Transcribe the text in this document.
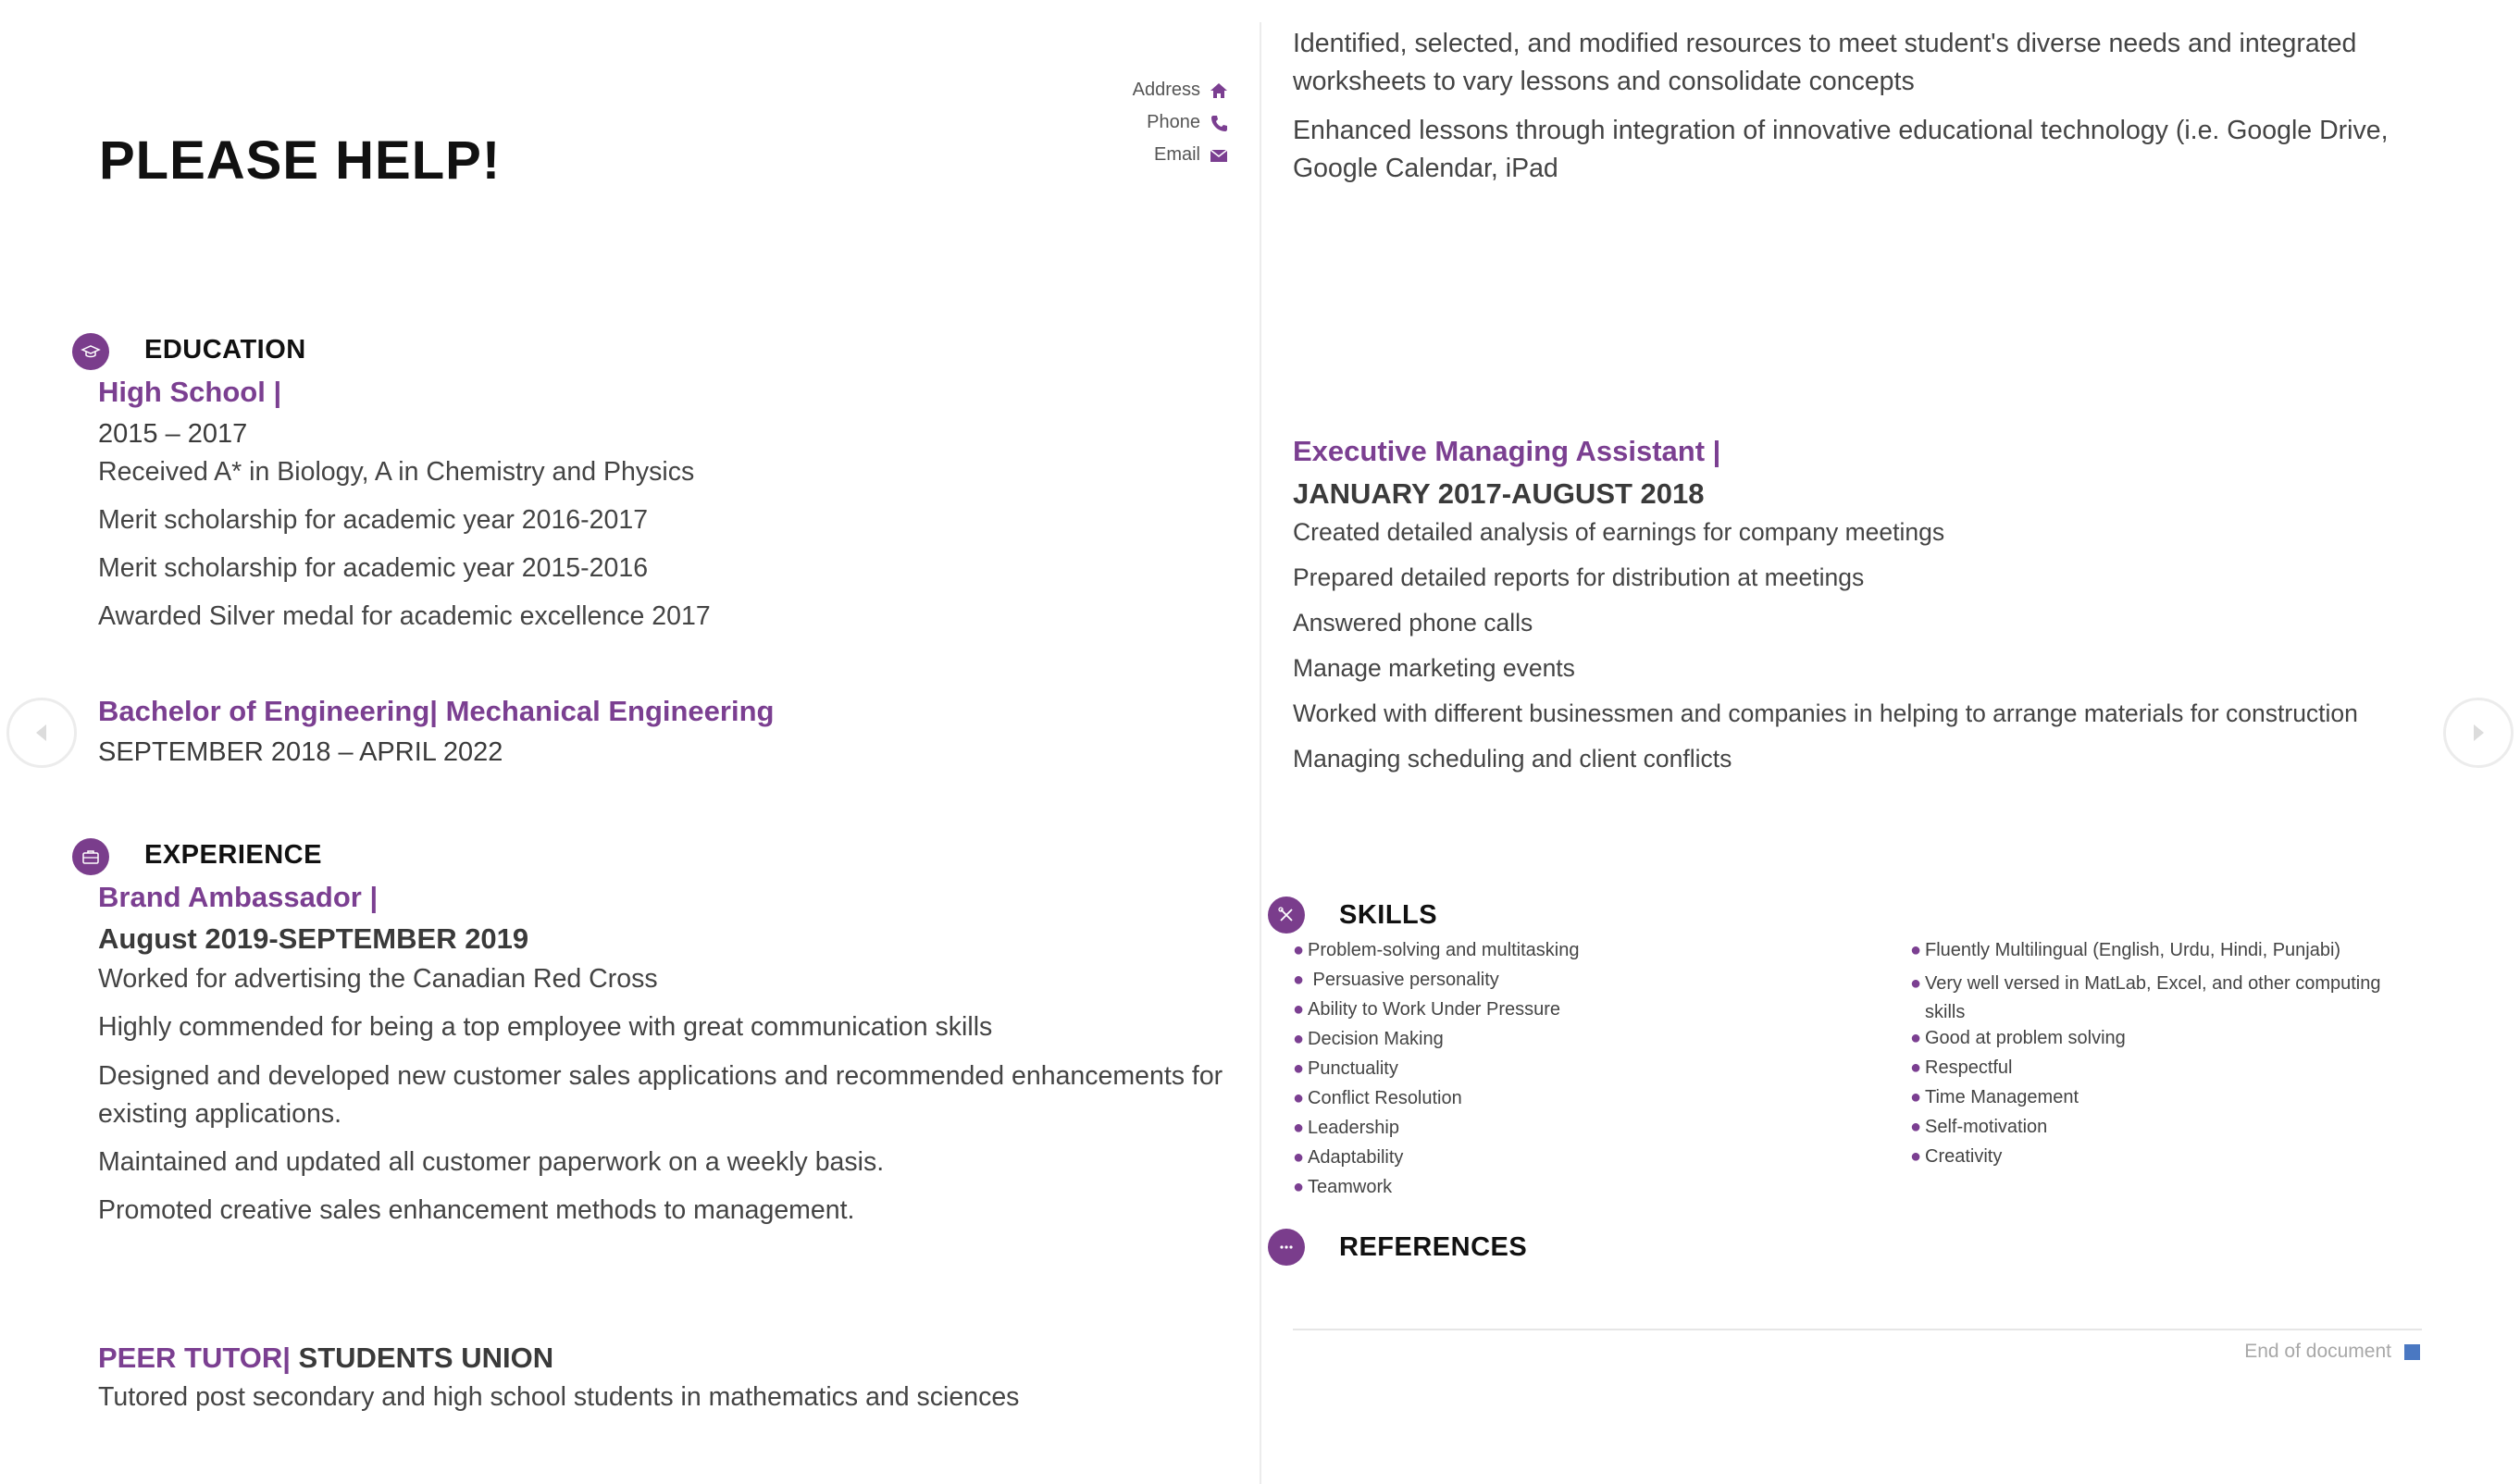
PLEASE HELP!
Address
Phone
Email
EDUCATION
High School |
2015 – 2017
Received A* in Biology, A in Chemistry and Physics
Merit scholarship for academic year 2016-2017
Merit scholarship for academic year 2015-2016
Awarded Silver medal for academic excellence 2017
Bachelor of Engineering| Mechanical Engineering
SEPTEMBER 2018 – APRIL 2022
EXPERIENCE
Brand Ambassador |
August 2019-SEPTEMBER 2019
Worked for advertising the Canadian Red Cross
Highly commended for being a top employee with great communication skills
Designed and developed new customer sales applications and recommended enhancements for existing applications.
Maintained and updated all customer paperwork on a weekly basis.
Promoted creative sales enhancement methods to management.
PEER TUTOR| STUDENTS UNION
Tutored post secondary and high school students in mathematics and sciences
Identified, selected, and modified resources to meet student's diverse needs and integrated worksheets to vary lessons and consolidate concepts
Enhanced lessons through integration of innovative educational technology (i.e. Google Drive, Google Calendar, iPad
Executive Managing Assistant |
JANUARY 2017-AUGUST 2018
Created detailed analysis of earnings for company meetings
Prepared detailed reports for distribution at meetings
Answered phone calls
Manage marketing events
Worked with different businessmen and companies in helping to arrange materials for construction
Managing scheduling and client conflicts
SKILLS
● Problem-solving and multitasking
● Persuasive personality
● Ability to Work Under Pressure
● Decision Making
● Punctuality
● Conflict Resolution
● Leadership
● Adaptability
● Teamwork
● Fluently Multilingual (English, Urdu, Hindi, Punjabi)
● Very well versed in MatLab, Excel, and other computing skills
● Good at problem solving
● Respectful
● Time Management
● Self-motivation
● Creativity
REFERENCES
End of document
